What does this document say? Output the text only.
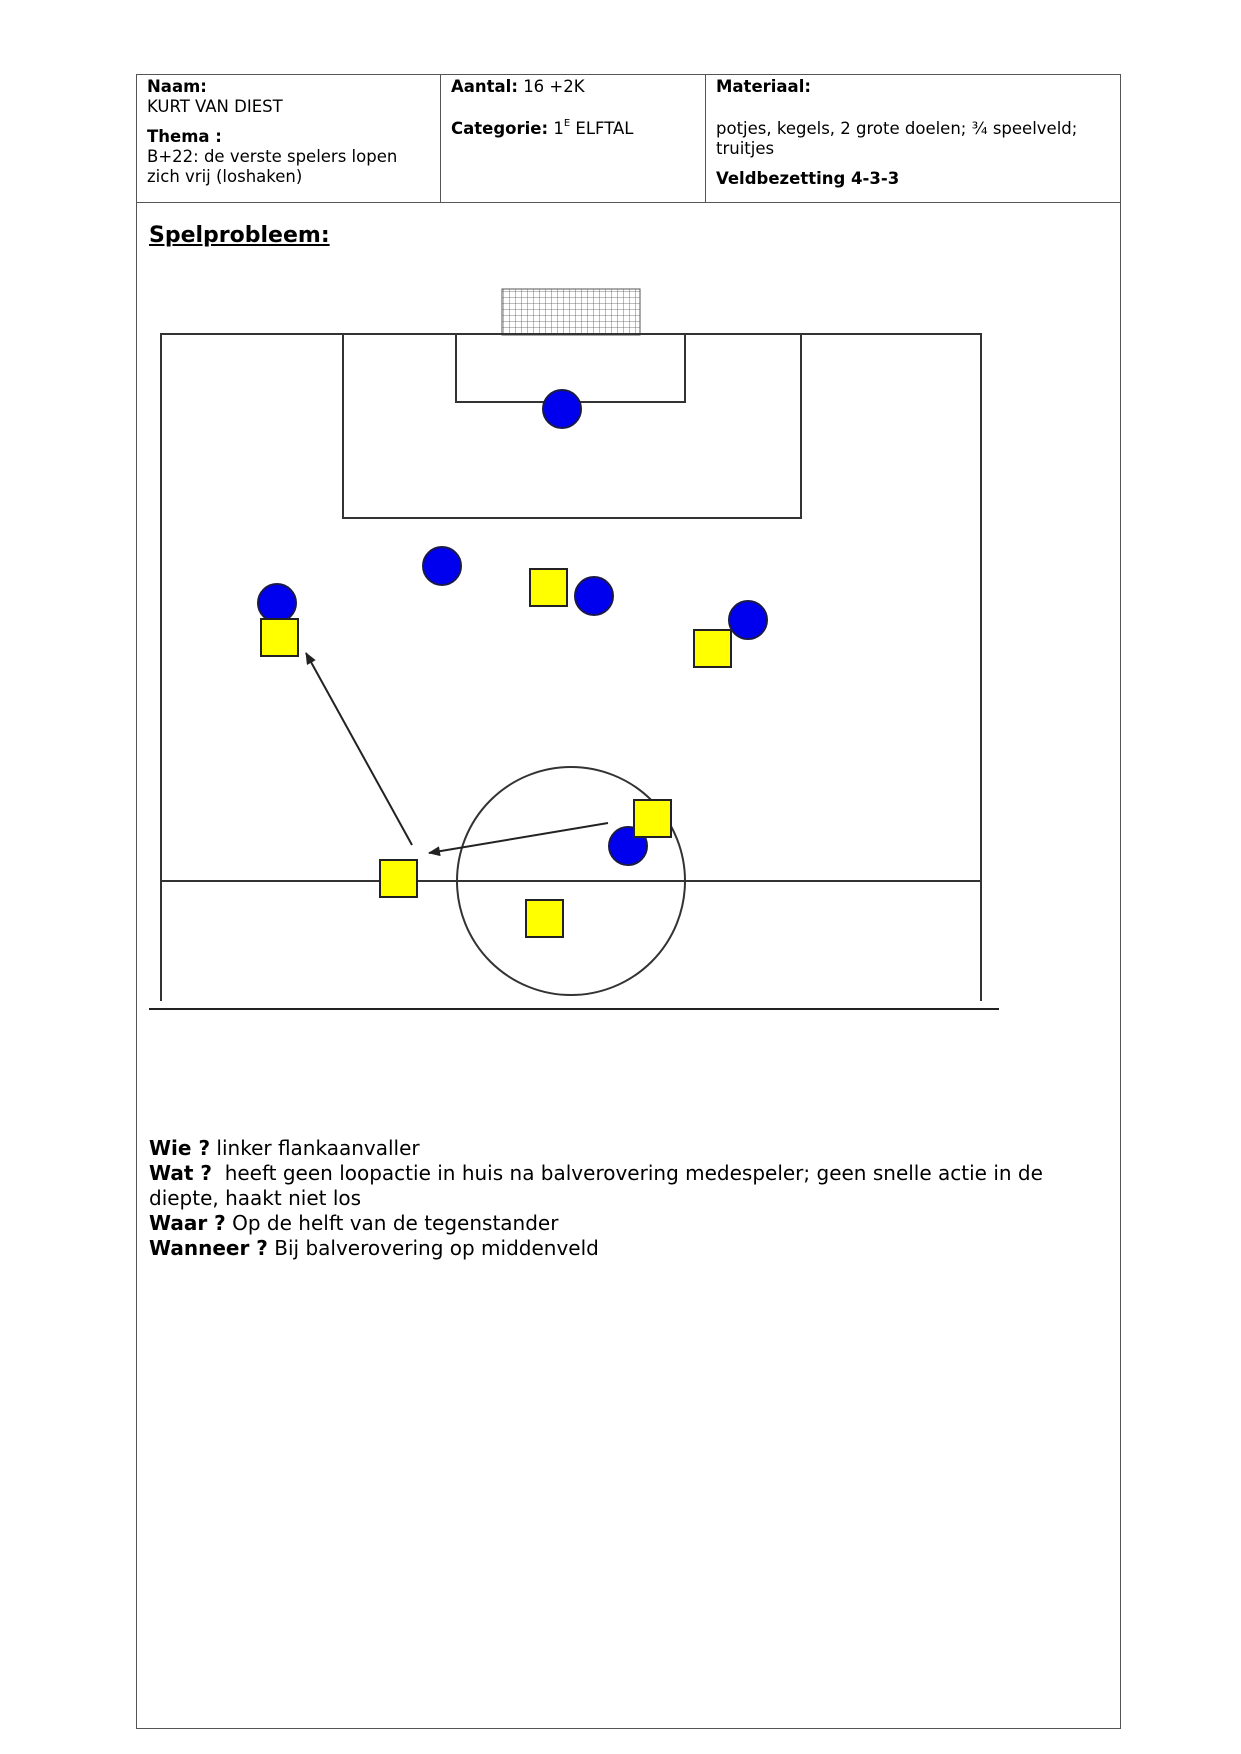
Naam:
KURT VAN DIEST
Thema :
B+22: de verste spelers lopen
zich vrij (loshaken)
Aantal: 16 +2K
Categorie: $1^E$ ELFTAL
Materiaal:
potjes, kegels, 2 grote doelen; ¾ speelveld;
truitjes
Veldbezetting 4-3-3
Spelprobleem:

Wie ? linker flankaanvaller

Wat ? heeft geen loopactie in huis na balverovering medespeler; geen snelle actie in de diepte, haakt niet los

Waar ? Op de helft van de tegenstander

Wanneer ? Bij balverovering op middenveld
